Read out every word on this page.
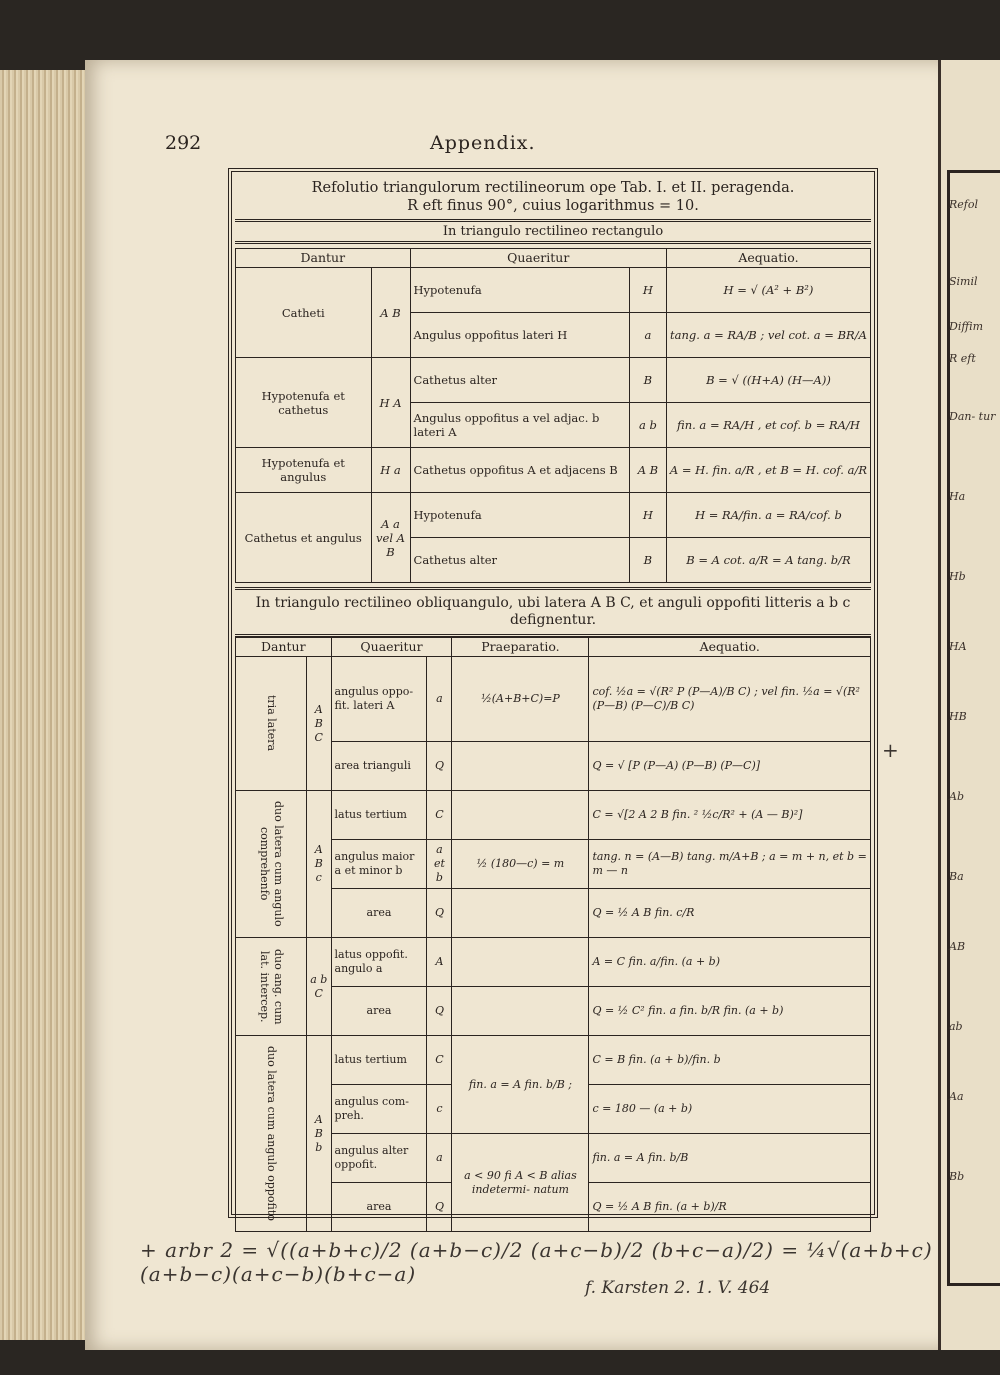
Refol
Simil
Diffim
R eft
Dan- tur
Ha
Hb
HA
HB
Ab
Ba
AB
ab
Aa
Bb
292	Appendix.
Refolutio triangulorum rectilineorum ope Tab. I. et II. peragenda.
R eft finus 90°, cuius logarithmus = 10.
In triangulo rectilineo rectangulo
Dantur		Quaeritur		Aequatio.
Catheti	A B	Hypotenufa	H	H = √ (A² + B²)
		Angulus oppofitus lateri H	a	tang. a = RA/B ; vel cot. a = BR/A
Hypotenufa et cathetus	H A	Cathetus alter	B	B = √ ((H+A) (H—A))
		Angulus oppofitus a vel adjac. b lateri A	a b	fin. a = RA/H , et cof. b = RA/H
Hypotenufa et angulus	H a	Cathetus oppofitus A et adjacens B	A B	A = H. fin. a/R , et B = H. cof. a/R
Cathetus et angulus	A a vel A B	Hypotenufa	H	H = RA/fin. a = RA/cof. b
		Cathetus alter	B	B = A cot. a/R = A tang. b/R
In triangulo rectilineo obliquangulo, ubi latera A B C, et anguli oppofiti litteris a b c defignentur.
Dantur		Quaeritur		Praeparatio.	Aequatio.
tria latera	A B C	angulus oppo- fit. lateri A	a	½(A+B+C)=P	cof. ½a = √(R² P (P—A)/B C) ; vel fin. ½a = √(R² (P—B) (P—C)/B C)
		area trianguli	Q		Q = √ [P (P—A) (P—B) (P—C)]
duo latera cum angulo comprehenfo	A B c	latus tertium	C		C = √[2 A 2 B fin. ² ½c/R² + (A — B)²]
		angulus maior a et minor b	a et b	½ (180—c) = m	tang. n = (A—B) tang. m/A+B ; a = m + n, et b = m — n
		area	Q		Q = ½ A B fin. c/R
duo ang. cum lat. intercep.	a b C	latus oppofit. angulo a	A		A = C fin. a/fin. (a + b)
		area	Q		Q = ½ C² fin. a fin. b/R fin. (a + b)
duo latera cum angulo oppofito	A B b	latus tertium	C	fin. a = A fin. b/B ;	C = B fin. (a + b)/fin. b
		angulus com- preh.	c		c = 180 — (a + b)
		angulus alter oppofit.	a	a < 90 fi A < B alias indetermi- natum	fin. a = A fin. b/B
		area	Q		Q = ½ A B fin. (a + b)/R
+
+ arbr 2 = √((a+b+c)/2 (a+b−c)/2 (a+c−b)/2 (b+c−a)/2) = ¼√(a+b+c)(a+b−c)(a+c−b)(b+c−a)
f. Karsten 2. 1. V. 464
